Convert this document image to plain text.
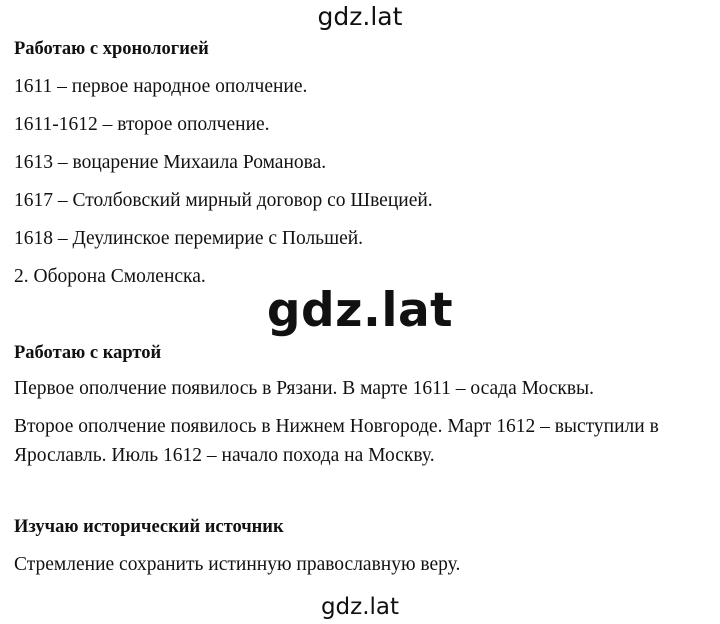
gdz.lat
Работаю с хронологией
1611 – первое народное ополчение.
1611-1612 – второе ополчение.
1613 – воцарение Михаила Романова.
1617 – Столбовский мирный договор со Швецией.
1618 – Деулинское перемирие с Польшей.
2. Оборона Смоленска.
gdz.lat
Работаю с картой
Первое ополчение появилось в Рязани. В марте 1611 – осада Москвы.
Второе ополчение появилось в Нижнем Новгороде. Март 1612 – выступили в Ярославль. Июль 1612 – начало похода на Москву.
Изучаю исторический источник
Стремление сохранить истинную православную веру.
gdz.lat
